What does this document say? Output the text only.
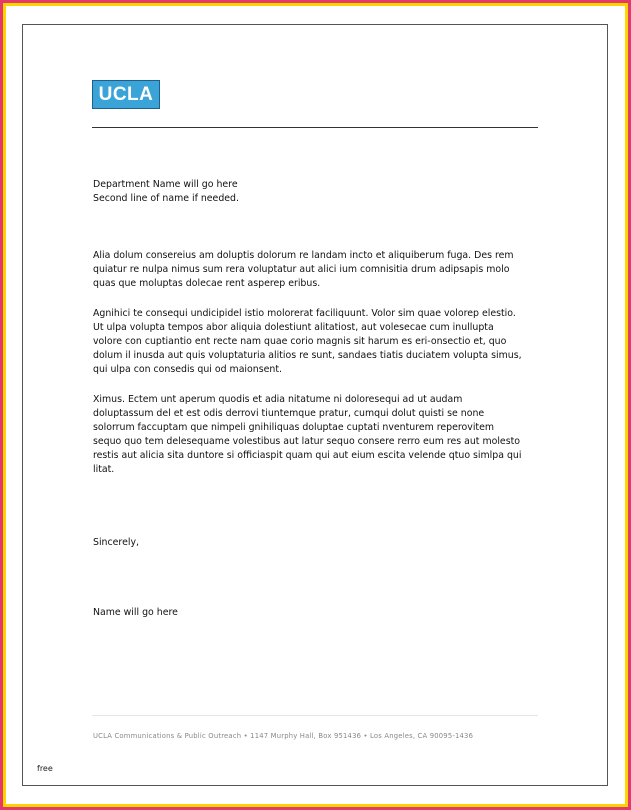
UCLA

Department Name will go here

Second line of name if needed.

Alia dolum consereius am doluptis dolorum re landam incto et aliquiberum fuga. Des rem quiatur re nulpa nimus sum rera voluptatur aut alici ium comnisitia drum adipsapis molo quas que moluptas dolecae rent asperep eribus.
Agnihici te consequi undicipidel istio molorerat faciliquunt. Volor sim quae volorep elestio. Ut ulpa volupta tempos abor aliquia dolestiunt alitatiost, aut volesecae cum inullupta volore con cuptiantio ent recte nam quae corio magnis sit harum es eri-onsectio et, quo dolum il inusda aut quis voluptaturia alitios re sunt, sandaes tiatis duciatem volupta simus, qui ulpa con consedis qui od maionsent.
Ximus. Ectem unt aperum quodis et adia nitatume ni doloresequi ad ut audam doluptassum del et est odis derrovi tiuntemque pratur, cumqui dolut quisti se none solorrum faccuptam que nimpeli gnihiliquas doluptae cuptati nventurem reperovitem sequo quo tem delesequame volestibus aut latur sequo consere rerro eum res aut molesto restis aut alicia sita duntore si officiaspit quam qui aut eium escita velende qtuo simlpa qui litat.
Sincerely,
Name will go here
UCLA Communications & Public Outreach • 1147 Murphy Hall, Box 951436 • Los Angeles, CA 90095-1436
free
